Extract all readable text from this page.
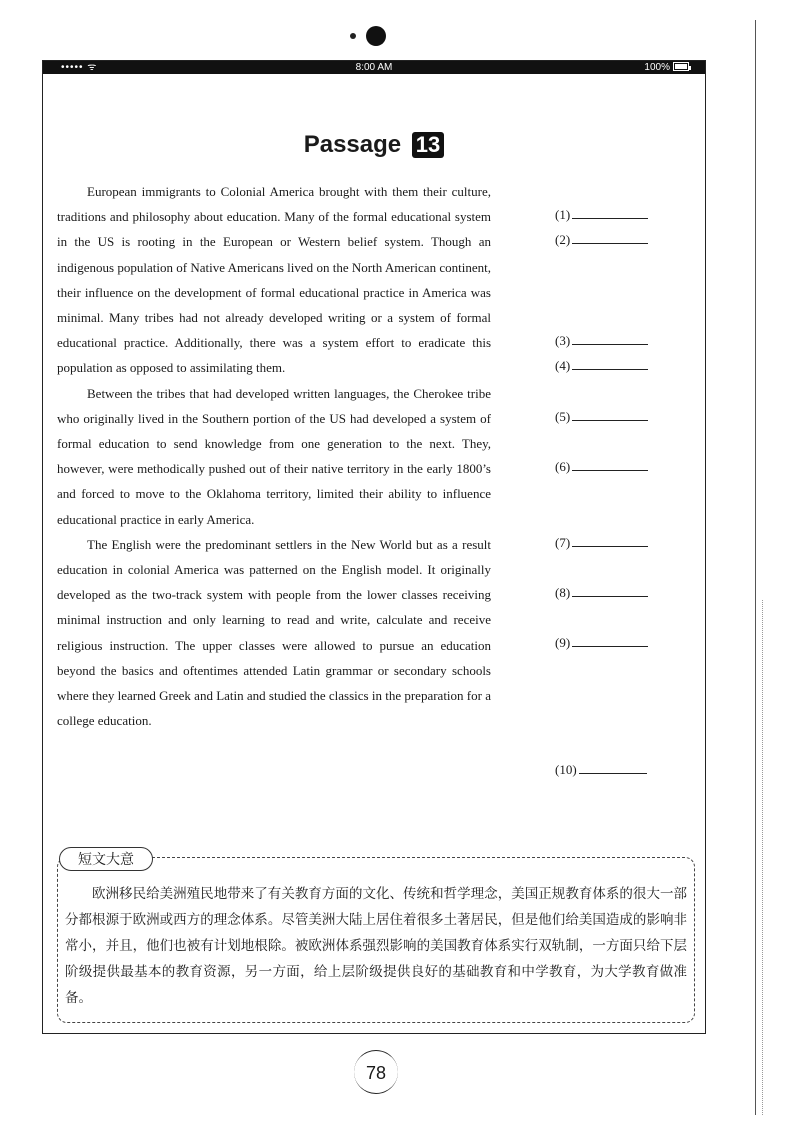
••••• ᯤ	8:00 AM	100%
Passage 13

European immigrants to Colonial America brought with them their culture, traditions and philosophy about education. Many of the formal educational system in the US is rooting in the European or Western belief system. Though an indigenous population of Native Americans lived on the North American continent, their influence on the development of formal educational practice in America was minimal. Many tribes had not already developed writing or a system of formal educational practice. Additionally, there was a system effort to eradicate this population as opposed to assimilating them.

Between the tribes that had developed written languages, the Cherokee tribe who originally lived in the Southern portion of the US had developed a system of formal education to send knowledge from one generation to the next. They, however, were methodically pushed out of their native territory in the early 1800’s and forced to move to the Oklahoma territory, limited their ability to influence educational practice in early America.

The English were the predominant settlers in the New World but as a result education in colonial America was patterned on the English model. It originally developed as the two-track system with people from the lower classes receiving minimal instruction and only learning to read and write, calculate and receive religious instruction. The upper classes were allowed to pursue an education beyond the basics and oftentimes attended Latin grammar or secondary schools where they learned Greek and Latin and studied the classics in the preparation for a college education.

(1)
(2)
(3)
(4)
(5)
(6)
(7)
(8)
(9)
(10)
短文大意

欧洲移民给美洲殖民地带来了有关教育方面的文化、传统和哲学理念，美国正规教育体系的很大一部分都根源于欧洲或西方的理念体系。尽管美洲大陆上居住着很多土著居民，但是他们给美国造成的影响非常小，并且，他们也被有计划地根除。被欧洲体系强烈影响的美国教育体系实行双轨制，一方面只给下层阶级提供最基本的教育资源，另一方面，给上层阶级提供良好的基础教育和中学教育，为大学教育做准备。

78
